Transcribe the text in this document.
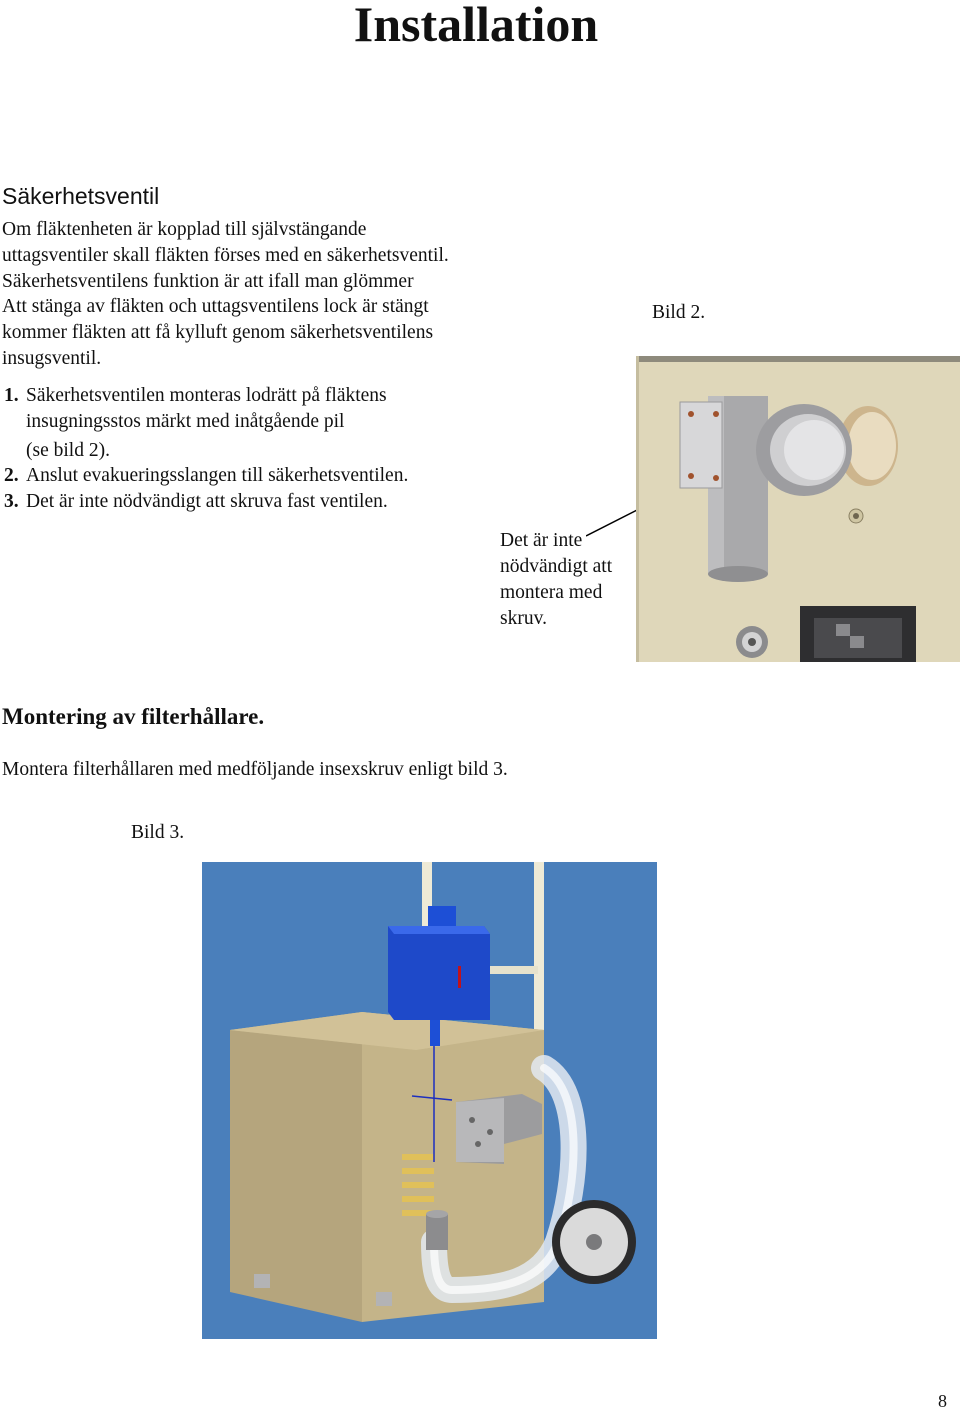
Installation
Säkerhetsventil
Om fläktenheten är kopplad till självstängande
uttagsventiler skall fläkten förses med en säkerhetsventil.
Säkerhetsventilens funktion är att ifall man glömmer
Att stänga av fläkten och uttagsventilens lock är stängt
kommer fläkten att få kylluft genom säkerhetsventilens
insugsventil.
1. Säkerhetsventilen monteras lodrätt på fläktens
insugningsstos märkt med inåtgående pil
(se bild 2).
2. Anslut evakueringsslangen till säkerhetsventilen.
3. Det är inte nödvändigt att skruva fast ventilen.
Bild 2.
Det är inte
nödvändigt att
montera med
skruv.
Montering av filterhållare.
Montera filterhållaren med medföljande insexskruv enligt bild 3.
Bild 3.
8
